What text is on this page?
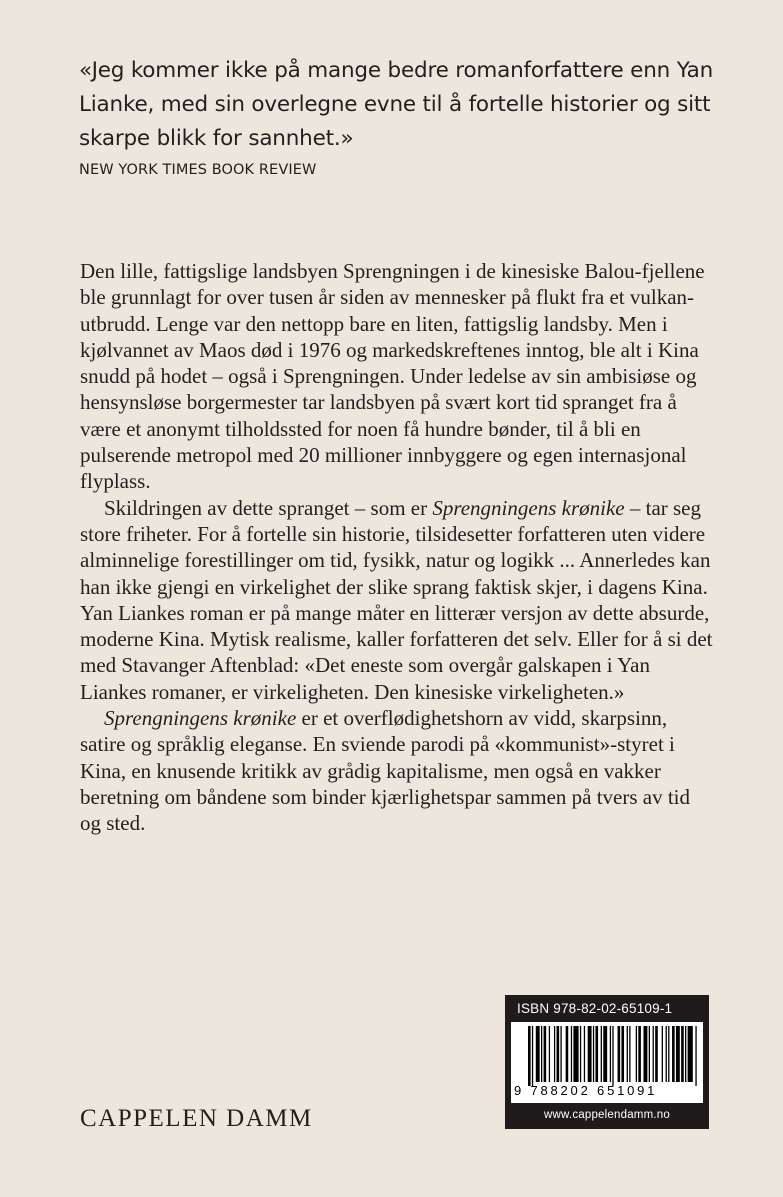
«Jeg kommer ikke på mange bedre romanforfattere enn Yan Lianke, med sin overlegne evne til å fortelle historier og sitt skarpe blikk for sannhet.»

NEW YORK TIMES BOOK REVIEW

Den lille, fattigslige landsbyen Sprengningen i de kinesiske Balou-fjellene ble grunnlagt for over tusen år siden av mennesker på flukt fra et vulkan-utbrudd. Lenge var den nettopp bare en liten, fattigslig landsby. Men i kjølvannet av Maos død i 1976 og markedskreftenes inntog, ble alt i Kina snudd på hodet – også i Sprengningen. Under ledelse av sin ambisiøse og hensynsløse borgermester tar landsbyen på svært kort tid spranget fra å være et anonymt tilholdssted for noen få hundre bønder, til å bli en pulserende metropol med 20 millioner innbyggere og egen internasjonal flyplass.

Skildringen av dette spranget – som er Sprengningens krønike – tar seg store friheter. For å fortelle sin historie, tilsidesetter forfatteren uten videre alminnelige forestillinger om tid, fysikk, natur og logikk ... Annerledes kan han ikke gjengi en virkelighet der slike sprang faktisk skjer, i dagens Kina. Yan Liankes roman er på mange måter en litterær versjon av dette absurde, moderne Kina. Mytisk realisme, kaller forfatteren det selv. Eller for å si det med Stavanger Aftenblad: «Det eneste som overgår galskapen i Yan Liankes romaner, er virkeligheten. Den kinesiske virkeligheten.»

Sprengningens krønike er et overflødighetshorn av vidd, skarpsinn, satire og språklig eleganse. En sviende parodi på «kommunist»-styret i Kina, en knusende kritikk av grådig kapitalisme, men også en vakker beretning om båndene som binder kjærlighetspar sammen på tvers av tid og sted.

CAPPELEN DAMM
ISBN 978-82-02-65109-1
9 788202 651091
www.cappelendamm.no
